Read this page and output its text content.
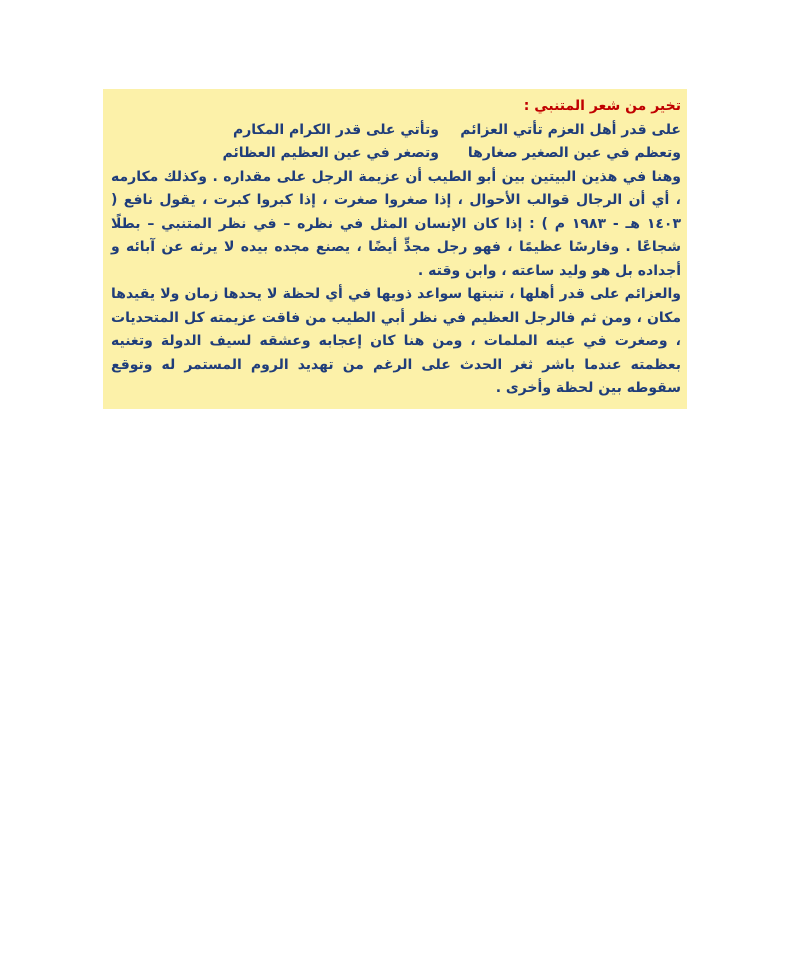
تخير من شعر المتنبي :
على قدر أهل العزم تأتي العزائم
وتأتي على قدر الكرام المكارم
وتعظم في عين الصغير صغارها
وتصغر في عين العظيم العظائم
وهنا في هذين البيتين بين أبو الطيب أن عزيمة الرجل على مقداره . وكذلك مكارمه ، أي أن الرجال قوالب الأحوال ، إذا صغروا صغرت ، إذا كبروا كبرت ، يقول نافع ( ١٤٠٣ هـ - ١٩٨٣ م ) : إذا كان الإنسان المثل في نظره – في نظر المتنبي – بطلًا شجاعًا . وفارسًا عظيمًا ، فهو رجل مجدٍّ أيضًا ، يصنع مجده بيده لا يرثه عن آبائه و أجداده بل هو وليد ساعته ، وابن وقته .
والعزائم على قدر أهلها ، تنبتها سواعد ذويها في أي لحظة لا يحدها زمان ولا يقيدها مكان ، ومن ثم فالرجل العظيم في نظر أبي الطيب من فاقت عزيمته كل المتحديات ، وصغرت في عينه الملمات ، ومن هنا كان إعجابه وعشقه لسيف الدولة وتغنيه بعظمته عندما باشر ثغر الحدث على الرغم من تهديد الروم المستمر له وتوقع سقوطه بين لحظة وأخرى .
